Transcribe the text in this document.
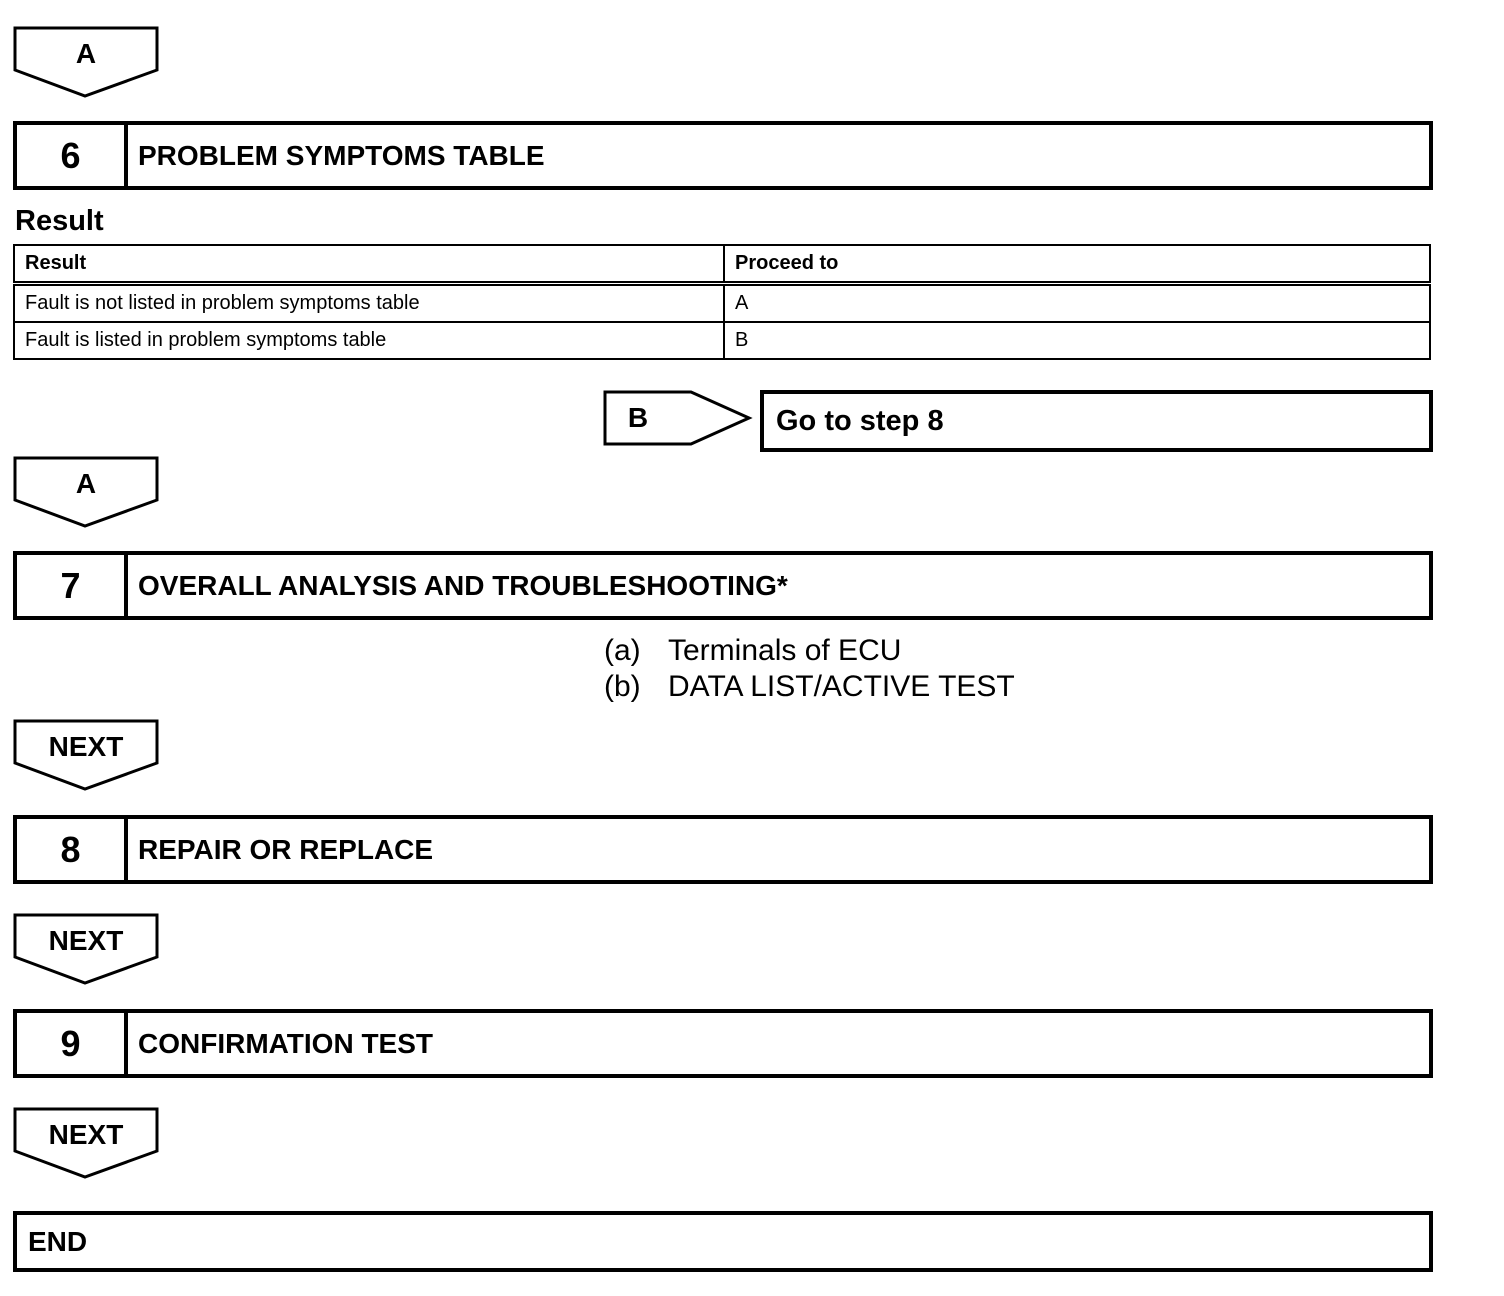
A
6	PROBLEM SYMPTOMS TABLE
Result
Result	Proceed to
Fault is not listed in problem symptoms table	A
Fault is listed in problem symptoms table	B
B	Go to step 8
A
7	OVERALL ANALYSIS AND TROUBLESHOOTING*
(a) Terminals of ECU
(b) DATA LIST/ACTIVE TEST
NEXT
8	REPAIR OR REPLACE
NEXT
9	CONFIRMATION TEST
NEXT
END
